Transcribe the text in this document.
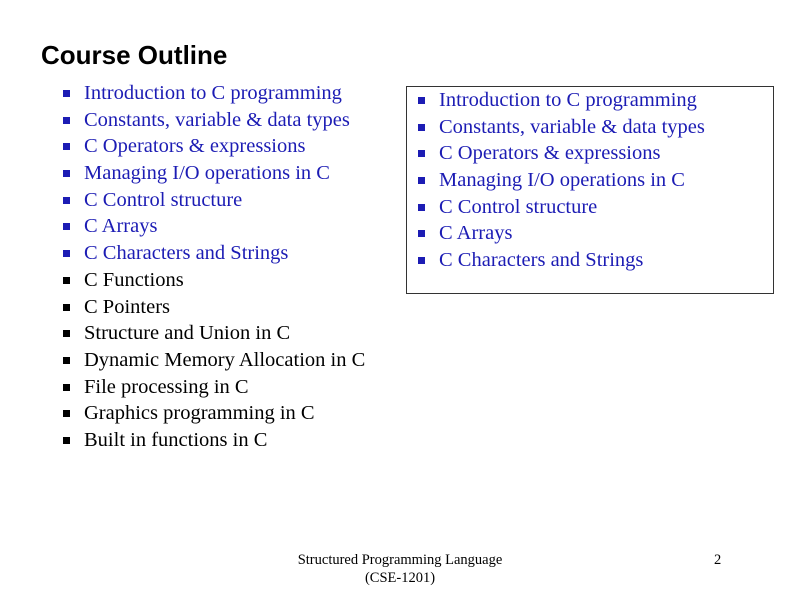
Course Outline
Introduction to C programming
Constants, variable & data types
C Operators & expressions
Managing I/O operations in C
C Control structure
C Arrays
C Characters and Strings
C Functions
C Pointers
Structure and Union in C
Dynamic Memory Allocation in C
File processing in C
Graphics programming in C
Built in functions in C
Introduction to C programming
Constants, variable & data types
C Operators & expressions
Managing I/O operations in C
C Control structure
C Arrays
C Characters and Strings
Structured Programming Language
(CSE-1201)
2
